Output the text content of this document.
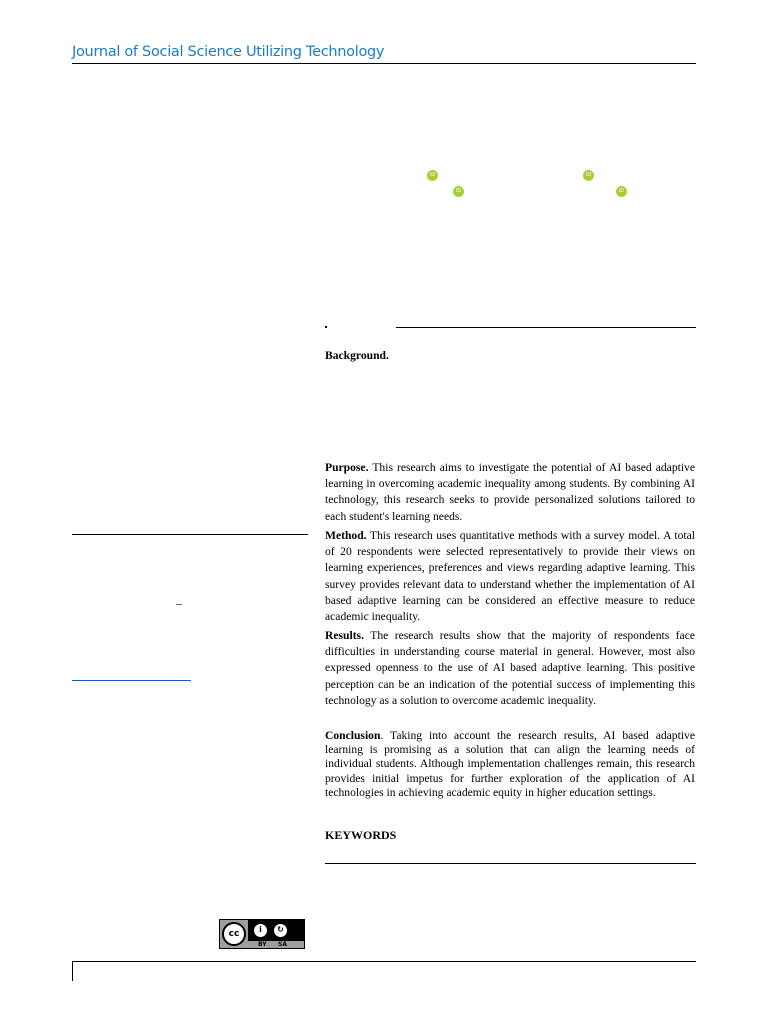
Journal of Social Science Utilizing Technology
iD
iD
iD
iD
Background.
Purpose. This research aims to investigate the potential of AI based adaptive learning in overcoming academic inequality among students. By combining AI technology, this research seeks to provide personalized solutions tailored to each student's learning needs.
Method. This research uses quantitative methods with a survey model. A total of 20 respondents were selected representatively to provide their views on learning experiences, preferences and views regarding adaptive learning. This survey provides relevant data to understand whether the implementation of AI based adaptive learning can be considered an effective measure to reduce academic inequality.
Results. The research results show that the majority of respondents face difficulties in understanding course material in general. However, most also expressed openness to the use of AI based adaptive learning. This positive perception can be an indication of the potential success of implementing this technology as a solution to overcome academic inequality.
Conclusion. Taking into account the research results, AI based adaptive learning is promising as a solution that can align the learning needs of individual students. Although implementation challenges remain, this research provides initial impetus for further exploration of the application of AI technologies in achieving academic equity in higher education settings.
KEYWORDS
–
cc	i	↻
BY SA
